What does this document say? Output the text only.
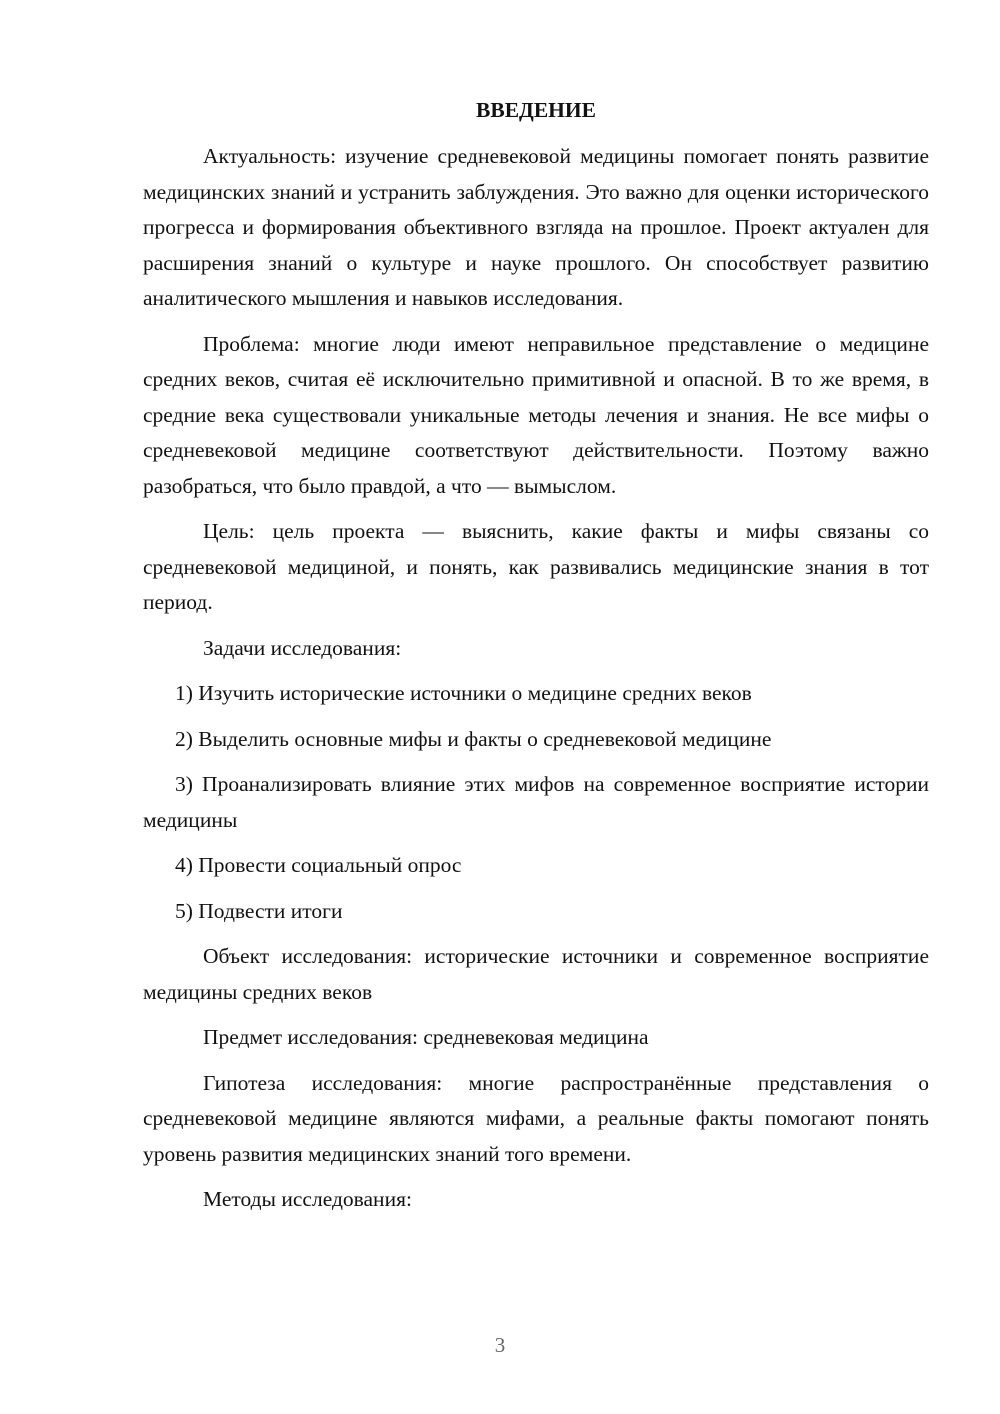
ВВЕДЕНИЕ

Актуальность: изучение средневековой медицины помогает понять развитие медицинских знаний и устранить заблуждения. Это важно для оценки исторического прогресса и формирования объективного взгляда на прошлое. Проект актуален для расширения знаний о культуре и науке прошлого. Он способствует развитию аналитического мышления и навыков исследования.

Проблема: многие люди имеют неправильное представление о медицине средних веков, считая её исключительно примитивной и опасной. В то же время, в средние века существовали уникальные методы лечения и знания. Не все мифы о средневековой медицине соответствуют действительности. Поэтому важно разобраться, что было правдой, а что — вымыслом.

Цель: цель проекта — выяснить, какие факты и мифы связаны со средневековой медициной, и понять, как развивались медицинские знания в тот период.

Задачи исследования:

1) Изучить исторические источники о медицине средних веков

2) Выделить основные мифы и факты о средневековой медицине

3) Проанализировать влияние этих мифов на современное восприятие истории медицины

4) Провести социальный опрос

5) Подвести итоги

Объект исследования: исторические источники и современное восприятие медицины средних веков

Предмет исследования: средневековая медицина

Гипотеза исследования: многие распространённые представления о средневековой медицине являются мифами, а реальные факты помогают понять уровень развития медицинских знаний того времени.

Методы исследования:

3
